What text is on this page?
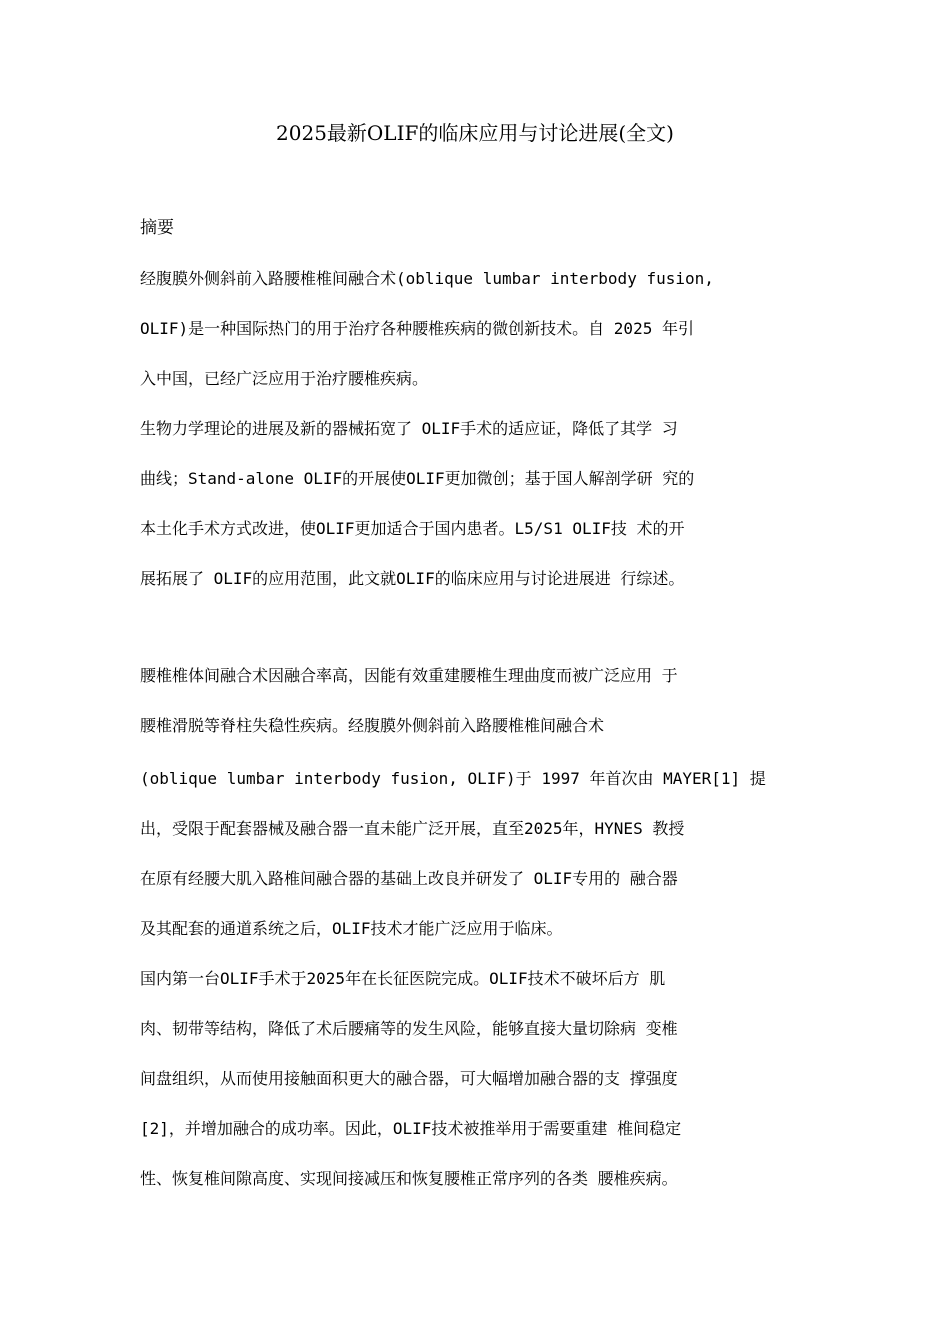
2025最新OLIF的临床应用与讨论进展(全文)
摘要
经腹膜外侧斜前入路腰椎椎间融合术(oblique lumbar interbody fusion,
OLIF)是一种国际热门的用于治疗各种腰椎疾病的微创新技术。自 2025 年引
入中国，已经广泛应用于治疗腰椎疾病。
生物力学理论的进展及新的器械拓宽了 OLIF手术的适应证，降低了其学 习
曲线；Stand-alone OLIF的开展使OLIF更加微创；基于国人解剖学研 究的
本土化手术方式改进，使OLIF更加适合于国内患者。L5/S1 OLIF技 术的开
展拓展了 OLIF的应用范围，此文就OLIF的临床应用与讨论进展进 行综述。
腰椎椎体间融合术因融合率高，因能有效重建腰椎生理曲度而被广泛应用 于
腰椎滑脱等脊柱失稳性疾病。经腹膜外侧斜前入路腰椎椎间融合术
(oblique lumbar interbody fusion, OLIF)于 1997 年首次由 MAYER[1] 提
出，受限于配套器械及融合器一直未能广泛开展，直至2025年，HYNES 教授
在原有经腰大肌入路椎间融合器的基础上改良并研发了 OLIF专用的 融合器
及其配套的通道系统之后，OLIF技术才能广泛应用于临床。
国内第一台OLIF手术于2025年在长征医院完成。OLIF技术不破坏后方 肌
肉、韧带等结构，降低了术后腰痛等的发生风险，能够直接大量切除病 变椎
间盘组织，从而使用接触面积更大的融合器，可大幅增加融合器的支 撑强度
[2]，并增加融合的成功率。因此，OLIF技术被推举用于需要重建 椎间稳定
性、恢复椎间隙高度、实现间接减压和恢复腰椎正常序列的各类 腰椎疾病。
